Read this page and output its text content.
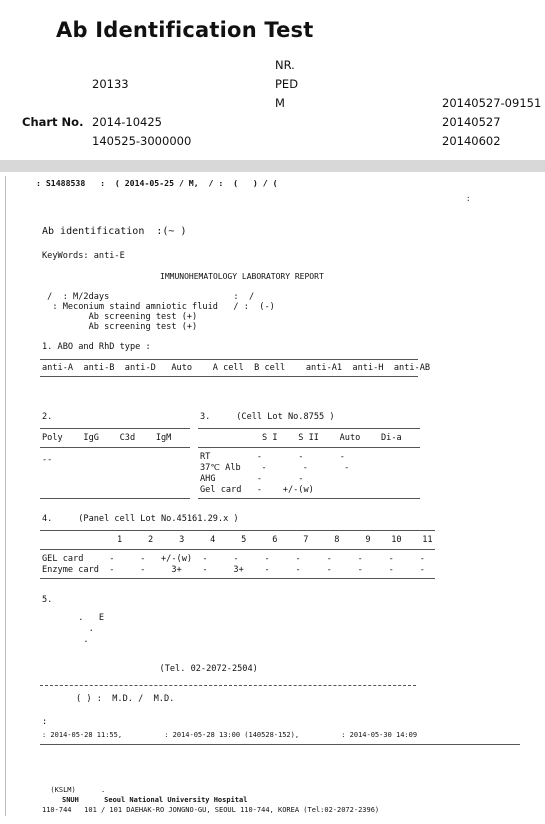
Ab Identification Test
20133
Chart No. 2014-10425
140525-3000000
NR.
PED
M	20140527-09151
20140527
20140602
: S1488538   :  ( 2014-05-25 / M,  / :  (   ) / (
:
Ab identification  :(~ )
KeyWords: anti-E
IMMUNOHEMATOLOGY LABORATORY REPORT
/  : M/2days                        :  /
: Meconium staind amniotic fluid   / :  (-)
Ab screening test (+)
Ab screening test (+)
1. ABO and RhD type :
anti-A  anti-B  anti-D   Auto    A cell  B cell    anti-A1  anti-H  anti-AB
2.	3.     (Cell Lot No.8755 )
Poly    IgG    C3d    IgM	S I    S II    Auto    Di-a
--	RT         -       -       -
37℃ Alb    -       -       -
AHG        -       -
Gel card   -    +/-(w)
4.     (Panel cell Lot No.45161.29.x )
1     2     3     4     5     6     7     8     9    10    11
GEL card     -     -   +/-(w)  -     -     -     -     -     -     -     -
Enzyme card  -     -     3+    -     3+    -     -     -     -     -     -
5.
.   E
.
.
(Tel. 02-2072-2504)
( ) :  M.D. /  M.D.
:
: 2014-05-28 11:55,          : 2014-05-28 13:00 (140528-152),          : 2014-05-30 14:09
(KSLM)      .
SNUH      Seoul National University Hospital
110-744   101 / 101 DAEHAK-RO JONGNO-GU, SEOUL 110-744, KOREA (Tel:02-2072-2396)
